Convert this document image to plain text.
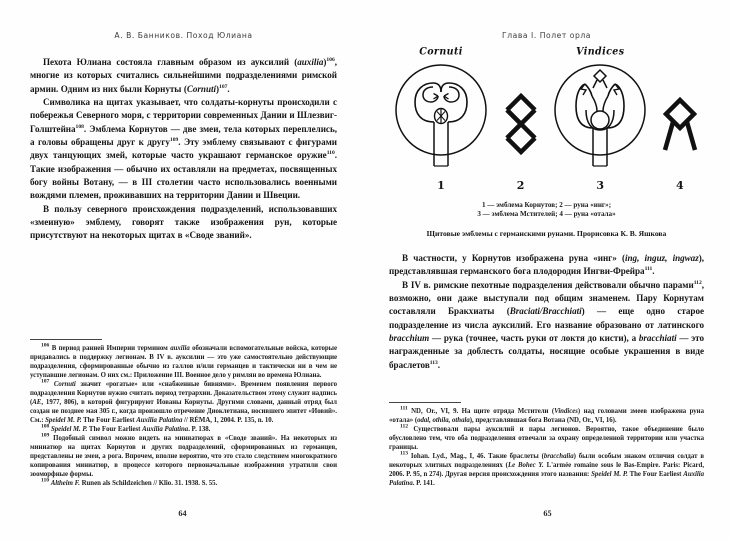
А. В. Банников. Поход Юлиана

Пехота Юлиана состояла главным образом из ауксилий (auxilia)$^{106}$, многие из которых считались сильнейшими подразделениями римской армии. Одним из них были Корнуты (Cornuti)$^{107}$.

Символика на щитах указывает, что солдаты-корнуты происходили с побережья Северного моря, с территории современных Дании и Шлезвиг-Голштейна$^{108}$. Эмблема Корнутов — две змеи, тела которых переплелись, а головы обращены друг к другу$^{109}$. Эту эмблему связывают с фигурами двух танцующих змей, которые часто украшают германское оружие$^{110}$. Такие изображения — обычно их оставляли на предметах, посвященных богу войны Вотану, — в III столетии часто использовались военными вождями племен, проживавших на территории Дании и Швеции.

В пользу северного происхождения подразделений, использовавших «змеиную» эмблему, говорят также изображения рун, которые присутствуют на некоторых щитах в «Своде званий».

$^{106}$ В период ранней Империи термином auxilia обозначали вспомогательные войска, которые придавались в поддержку легионам. В IV в. ауксилии — это уже самостоятельно действующие подразделения, сформированные обычно из галлов и/или германцев и тактически ни в чем не уступавшие легионам. О них см.: Приложение III. Военное дело у римлян во времена Юлиана.

$^{107}$ Cornuti значит «рогатые» или «снабженные бивнями». Временем появления первого подразделения Корнутов нужно считать период тетрархии. Доказательством этому служит надпись (AE, 1977, 806), в которой фигурируют Иованы Корнуты. Другими словами, данный отряд был создан не позднее мая 305 г., когда произошло отречение Диоклетиана, носившего эпитет «Иовий». См.: Speidel M. P. The Four Earliest Auxilia Palatina // RÉMA, 1, 2004. P. 135, n. 10.

$^{108}$ Speidel M. P. The Four Earliest Auxilia Palatina. P. 138.

$^{109}$ Подобный символ можно видеть на миниатюрах в «Своде званий». На некоторых из миниатюр на щитах Корнутов и других подразделений, сформированных из германцев, представлены не змеи, а рога. Впрочем, вполне вероятно, что это стало следствием многократного копирования миниатюр, в процессе которого первоначальные изображения утратили свои зооморфные формы.

$^{110}$ Altheim F. Runen als Schildzeichen // Klio. 31. 1938. S. 55.

64
Глава I. Полет орла
Cornuti
1	2
Vindices
3	4
1 — эмблема Корнутов; 2 — руна «инг»;
3 — эмблема Мстителей; 4 — руна «отала»
Щитовые эмблемы с германскими рунами. Прорисовка К. В. Яшкова

В частности, у Корнутов изображена руна «инг» (ing, inguz, ingwaz), представлявшая германского бога плодородия Ингви-Фрейра$^{111}$.

В IV в. римские пехотные подразделения действовали обычно парами$^{112}$, возможно, они даже выступали под общим знаменем. Пару Корнутам составляли Бракхиаты (Braciati/Bracchiati) — еще одно старое подразделение из числа ауксилий. Его название образовано от латинского bracchium — рука (точнее, часть руки от локтя до кисти), а bracchiati — это награжденные за доблесть солдаты, носящие особые украшения в виде браслетов$^{113}$.

$^{111}$ ND, Or., VI, 9. На щите отряда Мстители (Vindices) над головами змеев изображена руна «отала» (odal, othila, othala), представлявшая бога Вотана (ND, Or., VI, 16).

$^{112}$ Существовали пары ауксилий и пары легионов. Вероятно, такое объединение было обусловлено тем, что оба подразделения отвечали за охрану определенной территории или участка границы.

$^{113}$ Iohan. Lyd., Mag., I, 46. Такие браслеты (bracchalia) были особым знаком отличия солдат в некоторых элитных подразделениях (Le Bohec Y. L'armée romaine sous le Bas-Empire. Paris: Picard, 2006. P. 95, n 274). Другая версия происхождения этого названия: Speidel M. P. The Four Earliest Auxilia Palatina. P. 141.

65
